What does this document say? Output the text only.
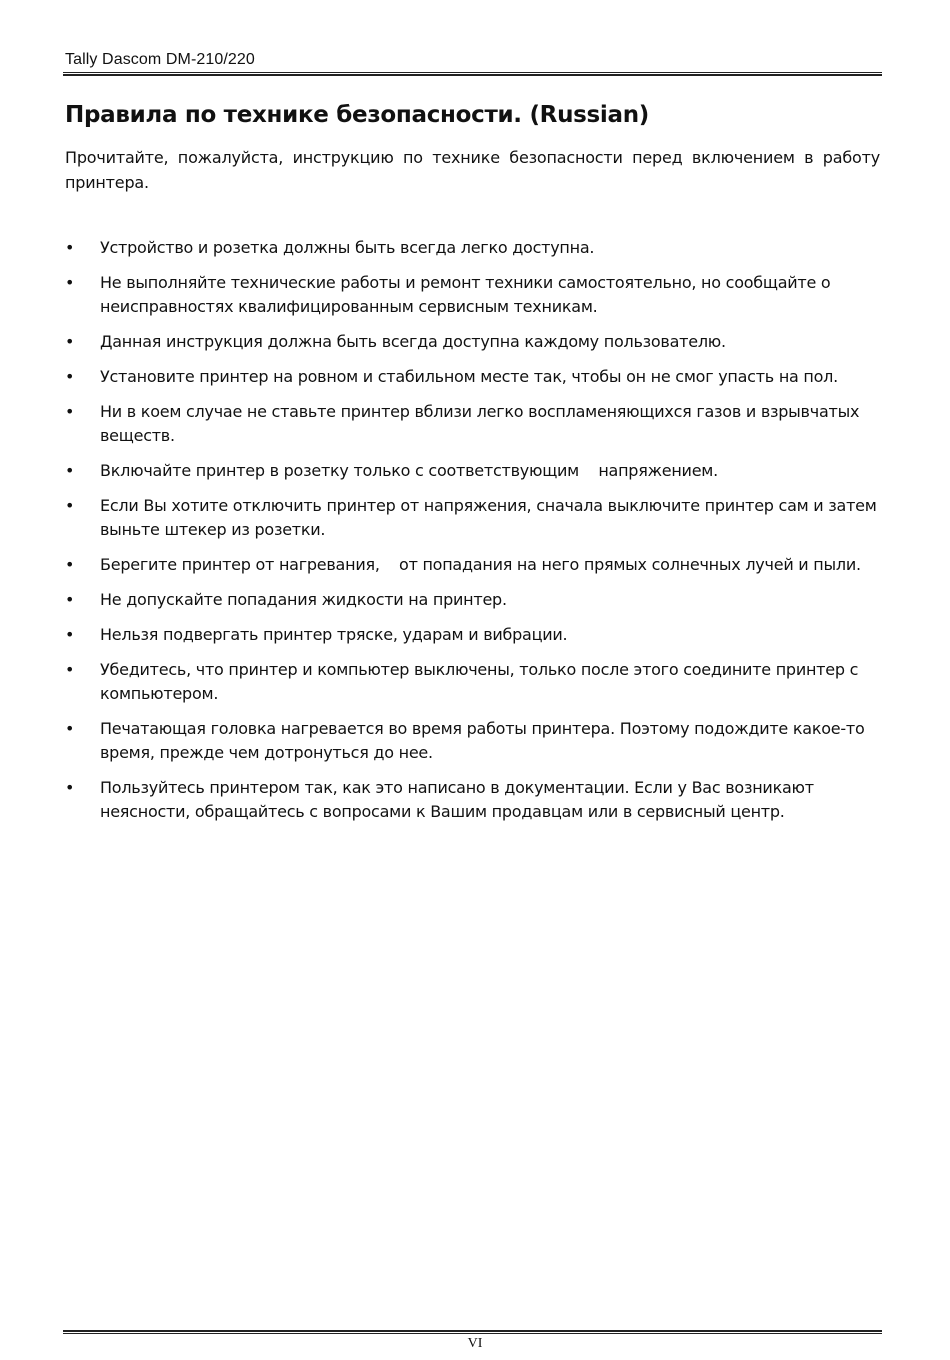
Tally Dascom DM-210/220
Правила по технике безопасности. (Russian)

Прочитайте, пожалуйста, инструкцию по технике безопасности перед включением в работу принтера.

•	Устройство и розетка должны быть всегда легко доступна.
•	Не выполняйте технические работы и ремонт техники самостоятельно, но сообщайте о неисправностях квалифицированным сервисным техникам.
•	Данная инструкция должна быть всегда доступна каждому пользователю.
•	Установите принтер на ровном и стабильном месте так, чтобы он не смог упасть на пол.
•	Ни в коем случае не ставьте принтер вблизи легко воспламеняющихся газов и взрывчатых веществ.
•	Включайте принтер в розетку только с соответствующим    напряжением.
•	Если Вы хотите отключить принтер от напряжения, сначала выключите принтер сам и затем выньте штекер из розетки.
•	Берегите принтер от нагревания,    от попадания на него прямых солнечных лучей и пыли.
•	Не допускайте попадания жидкости на принтер.
•	Нельзя подвергать принтер тряске, ударам и вибрации.
•	Убедитесь, что принтер и компьютер выключены, только после этого соедините принтер с компьютером.
•	Печатающая головка нагревается во время работы принтера. Поэтому подождите какое-то время, прежде чем дотронуться до нее.
•	Пользуйтесь принтером так, как это написано в документации. Если у Вас возникают неясности, обращайтесь с вопросами к Вашим продавцам или в сервисный центр.
VI
